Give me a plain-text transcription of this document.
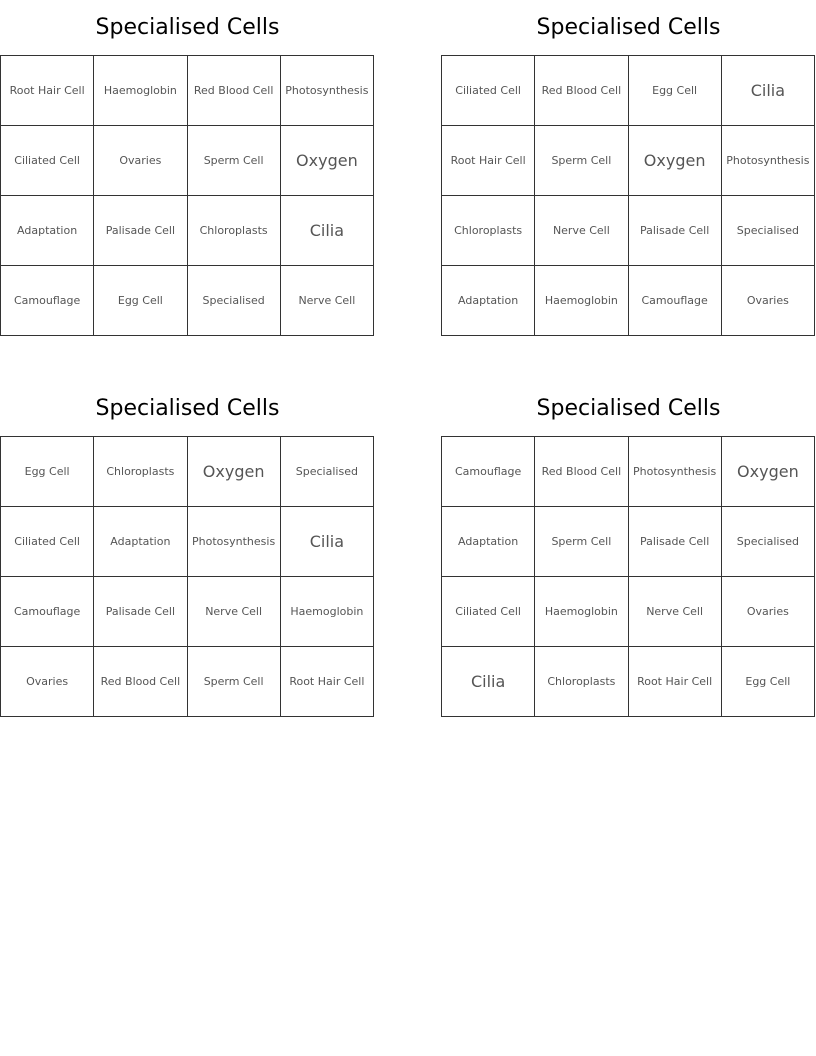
Specialised Cells
Root Hair Cell	Haemoglobin	Red Blood Cell	Photosynthesis
Ciliated Cell	Ovaries	Sperm Cell	Oxygen
Adaptation	Palisade Cell	Chloroplasts	Cilia
Camouflage	Egg Cell	Specialised	Nerve Cell
Specialised Cells
Ciliated Cell	Red Blood Cell	Egg Cell	Cilia
Root Hair Cell	Sperm Cell	Oxygen	Photosynthesis
Chloroplasts	Nerve Cell	Palisade Cell	Specialised
Adaptation	Haemoglobin	Camouflage	Ovaries
Specialised Cells
Egg Cell	Chloroplasts	Oxygen	Specialised
Ciliated Cell	Adaptation	Photosynthesis	Cilia
Camouflage	Palisade Cell	Nerve Cell	Haemoglobin
Ovaries	Red Blood Cell	Sperm Cell	Root Hair Cell
Specialised Cells
Camouflage	Red Blood Cell	Photosynthesis	Oxygen
Adaptation	Sperm Cell	Palisade Cell	Specialised
Ciliated Cell	Haemoglobin	Nerve Cell	Ovaries
Cilia	Chloroplasts	Root Hair Cell	Egg Cell
